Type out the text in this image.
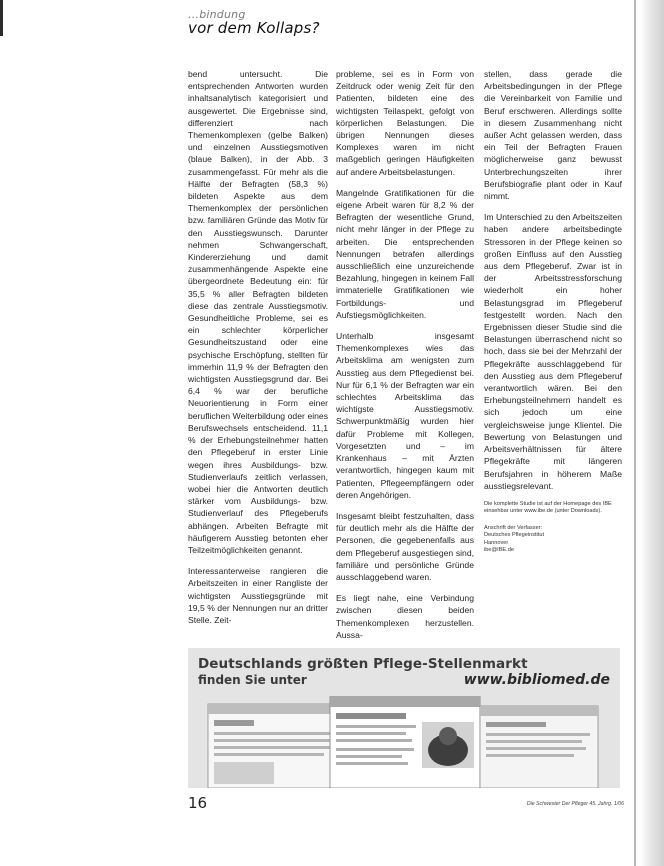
…bindung
vor dem Kollaps?

bend untersucht. Die entsprechenden Antworten wurden inhaltsanalytisch kategorisiert und ausgewertet. Die Ergebnisse sind, differenziert nach Themenkomplexen (gelbe Balken) und einzelnen Ausstiegsmotiven (blaue Balken), in der Abb. 3 zusammengefasst. Für mehr als die Hälfte der Befragten (58,3 %) bildeten Aspekte aus dem Themenkomplex der persönlichen bzw. familiären Gründe das Motiv für den Ausstiegswunsch. Darunter nehmen Schwangerschaft, Kindererziehung und damit zusammenhängende Aspekte eine übergeordnete Bedeutung ein: für 35,5 % aller Befragten bildeten diese das zentrale Ausstiegsmotiv. Gesundheitliche Probleme, sei es ein schlechter körperlicher Gesundheitszustand oder eine psychische Erschöpfung, stellten für immerhin 11,9 % der Befragten den wichtigsten Ausstiegsgrund dar. Bei 6,4 % war der berufliche Neuorientierung in Form einer beruflichen Weiterbildung oder eines Berufswechsels entscheidend. 11,1 % der Erhebungsteilnehmer hatten den Pflegeberuf in erster Linie wegen ihres Ausbildungs- bzw. Studienverlaufs zeitlich verlassen, wobei hier die Antworten deutlich stärker vom Ausbildungs- bzw. Studienverlauf des Pflegeberufs abhängen. Arbeiten Befragte mit häufigerem Ausstieg betonten eher Teilzeitmöglichkeiten genannt.

Interessanterweise rangieren die Arbeitszeiten in einer Rangliste der wichtigsten Ausstiegsgründe mit 19,5 % der Nennungen nur an dritter Stelle. Zeit-

probleme, sei es in Form von Zeitdruck oder wenig Zeit für den Patienten, bildeten eine des wichtigsten Teilaspekt, gefolgt von körperlichen Belastungen. Die übrigen Nennungen dieses Komplexes waren im nicht maßgeblich geringen Häufigkeiten auf andere Arbeitsbelastungen.

Mangelnde Gratifikationen für die eigene Arbeit waren für 8,2 % der Befragten der wesentliche Grund, nicht mehr länger in der Pflege zu arbeiten. Die entsprechenden Nennungen betrafen allerdings ausschließlich eine unzureichende Bezahlung, hingegen in keinem Fall immaterielle Gratifikationen wie Fortbildungs- und Aufstiegsmöglichkeiten.

Unterhalb insgesamt Themenkomplexes wies das Arbeitsklima am wenigsten zum Ausstieg aus dem Pflegedienst bei. Nur für 6,1 % der Befragten war ein schlechtes Arbeitsklima das wichtigste Ausstiegsmotiv. Schwerpunktmäßig wurden hier dafür Probleme mit Kollegen, Vorgesetzten und – im Krankenhaus – mit Ärzten verantwortlich, hingegen kaum mit Patienten, Pflegeempfängern oder deren Angehörigen.

Insgesamt bleibt festzuhalten, dass für deutlich mehr als die Hälfte der Personen, die gegebenenfalls aus dem Pflegeberuf ausgestiegen sind, familiäre und persönliche Gründe ausschlaggebend waren.

Es liegt nahe, eine Verbindung zwischen diesen beiden Themenkomplexen herzustellen. Aussa-

stellen, dass gerade die Arbeitsbedingungen in der Pflege die Vereinbarkeit von Familie und Beruf erschweren. Allerdings sollte in diesem Zusammenhang nicht außer Acht gelassen werden, dass ein Teil der Befragten Frauen möglicherweise ganz bewusst Unterbrechungszeiten ihrer Berufsbiografie plant oder in Kauf nimmt.

Im Unterschied zu den Arbeitszeiten haben andere arbeitsbedingte Stressoren in der Pflege keinen so großen Einfluss auf den Ausstieg aus dem Pflegeberuf. Zwar ist in der Arbeitsstressforschung wiederholt ein hoher Belastungsgrad im Pflegeberuf festgestellt worden. Nach den Ergebnissen dieser Studie sind die Belastungen überraschend nicht so hoch, dass sie bei der Mehrzahl der Pflegekräfte ausschlaggebend für den Ausstieg aus dem Pflegeberuf verantwortlich wären. Bei den Erhebungsteilnehmern handelt es sich jedoch um eine vergleichsweise junge Klientel. Die Bewertung von Belastungen und Arbeitsverhältnissen für ältere Pflegekräfte mit längeren Berufsjahren in höherem Maße ausstiegsrelevant.

Die komplette Studie ist auf der Homepage des IBE einsehbar unter www.ibe.de (unter Downloads).

Anschrift der Verfasser:
Deutsches Pflegeinstitut
Hannover
ibe@IBE.de
Deutschlands größten Pflege-Stellenmarkt
finden Sie unter	www.bibliomed.de
16	Die Schwester Der Pfleger 45. Jahrg. 1/06
